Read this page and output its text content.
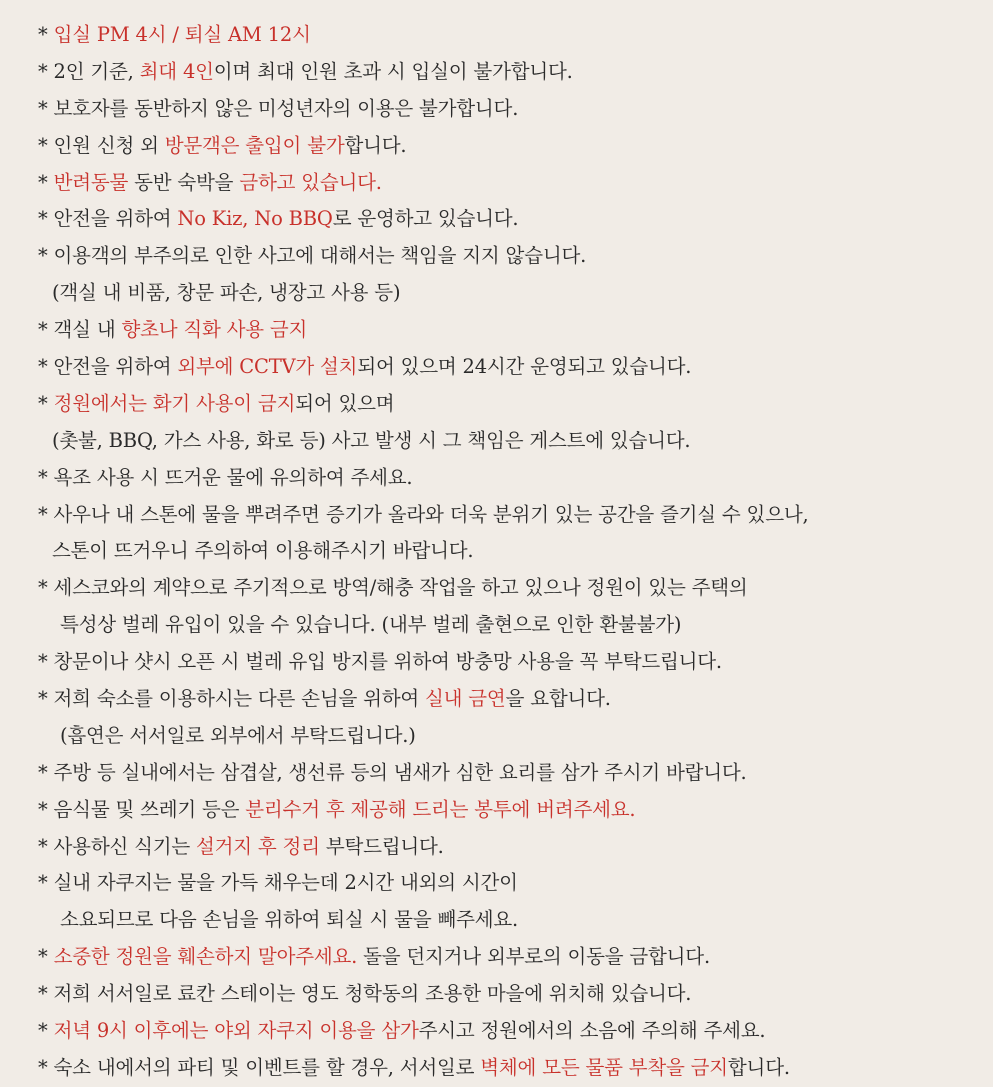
* 입실 PM 4시 / 퇴실 AM 12시
* 2인 기준, 최대 4인이며 최대 인원 초과 시 입실이 불가합니다.
* 보호자를 동반하지 않은 미성년자의 이용은 불가합니다.
* 인원 신청 외 방문객은 출입이 불가합니다.
* 반려동물 동반 숙박을 금하고 있습니다.
* 안전을 위하여 No Kiz, No BBQ로 운영하고 있습니다.
* 이용객의 부주의로 인한 사고에 대해서는 책임을 지지 않습니다.
(객실 내 비품, 창문 파손, 냉장고 사용 등)
* 객실 내 향초나 직화 사용 금지
* 안전을 위하여 외부에 CCTV가 설치되어 있으며 24시간 운영되고 있습니다.
* 정원에서는 화기 사용이 금지되어 있으며
(촛불, BBQ, 가스 사용, 화로 등) 사고 발생 시 그 책임은 게스트에 있습니다.
* 욕조 사용 시 뜨거운 물에 유의하여 주세요.
* 사우나 내 스톤에 물을 뿌려주면 증기가 올라와 더욱 분위기 있는 공간을 즐기실 수 있으나,
스톤이 뜨거우니 주의하여 이용해주시기 바랍니다.
* 세스코와의 계약으로 주기적으로 방역/해충 작업을 하고 있으나 정원이 있는 주택의
특성상 벌레 유입이 있을 수 있습니다. (내부 벌레 출현으로 인한 환불불가)
* 창문이나 샷시 오픈 시 벌레 유입 방지를 위하여 방충망 사용을 꼭 부탁드립니다.
* 저희 숙소를 이용하시는 다른 손님을 위하여 실내 금연을 요합니다.
(흡연은 서서일로 외부에서 부탁드립니다.)
* 주방 등 실내에서는 삼겹살, 생선류 등의 냄새가 심한 요리를 삼가 주시기 바랍니다.
* 음식물 및 쓰레기 등은 분리수거 후 제공해 드리는 봉투에 버려주세요.
* 사용하신 식기는 설거지 후 정리 부탁드립니다.
* 실내 자쿠지는 물을 가득 채우는데 2시간 내외의 시간이
소요되므로 다음 손님을 위하여 퇴실 시 물을 빼주세요.
* 소중한 정원을 훼손하지 말아주세요. 돌을 던지거나 외부로의 이동을 금합니다.
* 저희 서서일로 료칸 스테이는 영도 청학동의 조용한 마을에 위치해 있습니다.
* 저녁 9시 이후에는 야외 자쿠지 이용을 삼가주시고 정원에서의 소음에 주의해 주세요.
* 숙소 내에서의 파티 및 이벤트를 할 경우, 서서일로 벽체에 모든 물품 부착을 금지합니다.
